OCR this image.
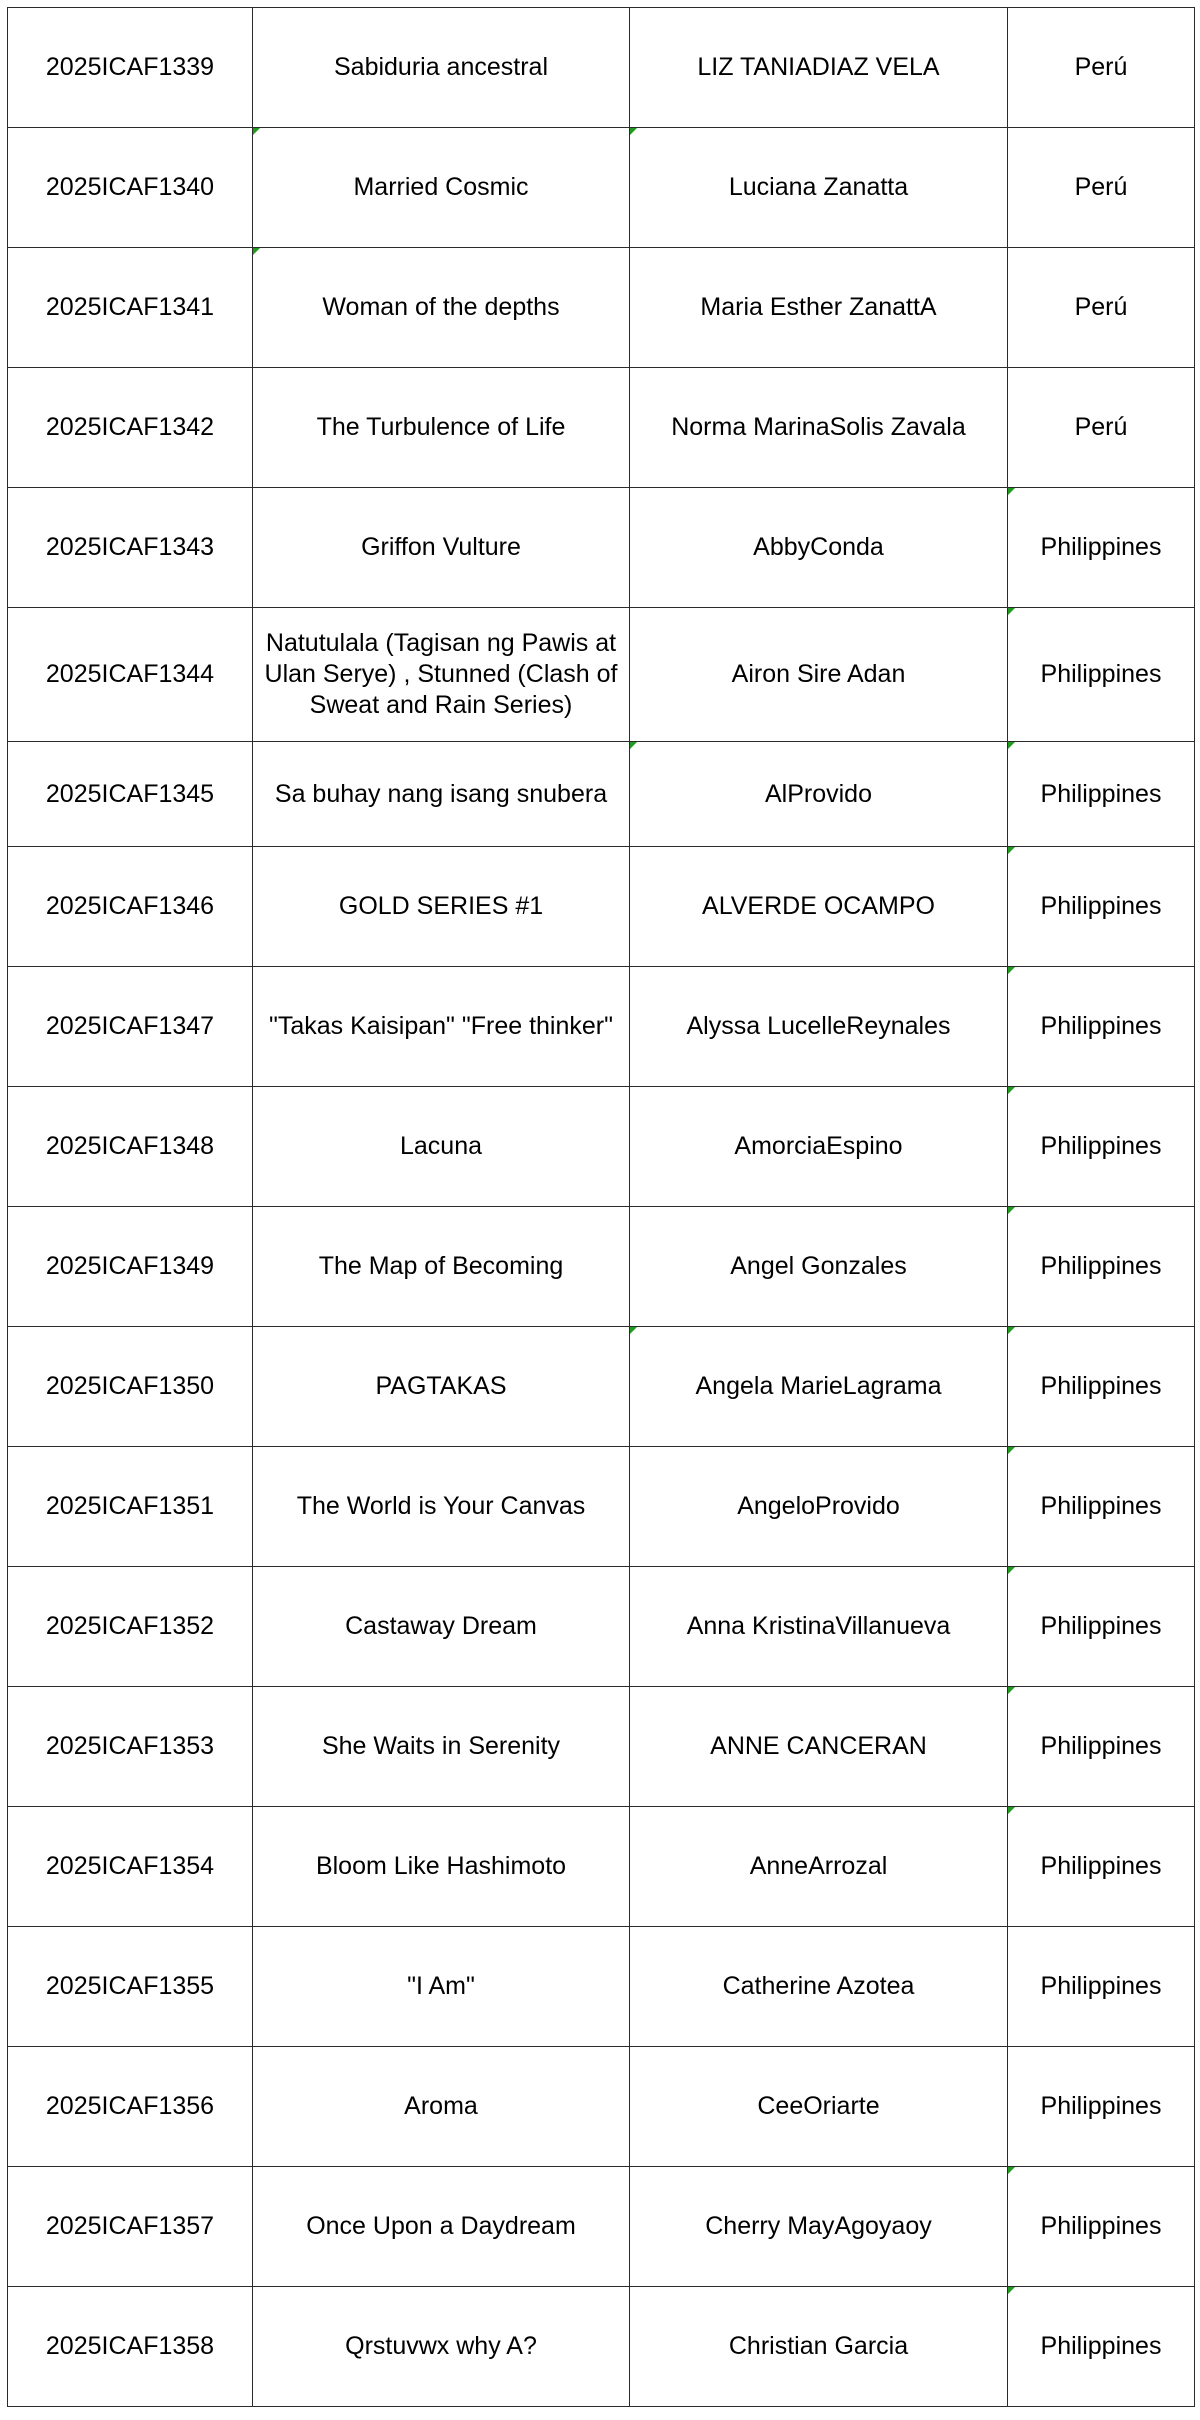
2025ICAF1339	Sabiduria ancestral	LIZ TANIADIAZ VELA	Perú
2025ICAF1340	Married Cosmic	Luciana Zanatta	Perú
2025ICAF1341	Woman of the depths	Maria Esther ZanattA	Perú
2025ICAF1342	The Turbulence of Life	Norma MarinaSolis Zavala	Perú
2025ICAF1343	Griffon Vulture	AbbyConda	Philippines
2025ICAF1344	Natutulala (Tagisan ng Pawis at Ulan Serye) , Stunned (Clash of Sweat and Rain Series)	Airon Sire Adan	Philippines
2025ICAF1345	Sa buhay nang isang snubera	AlProvido	Philippines
2025ICAF1346	GOLD SERIES #1	ALVERDE OCAMPO	Philippines
2025ICAF1347	"Takas Kaisipan" "Free thinker"	Alyssa LucelleReynales	Philippines
2025ICAF1348	Lacuna	AmorciaEspino	Philippines
2025ICAF1349	The Map of Becoming	Angel Gonzales	Philippines
2025ICAF1350	PAGTAKAS	Angela MarieLagrama	Philippines
2025ICAF1351	The World is Your Canvas	AngeloProvido	Philippines
2025ICAF1352	Castaway Dream	Anna KristinaVillanueva	Philippines
2025ICAF1353	She Waits in Serenity	ANNE CANCERAN	Philippines
2025ICAF1354	Bloom Like Hashimoto	AnneArrozal	Philippines
2025ICAF1355	"I Am"	Catherine Azotea	Philippines
2025ICAF1356	Aroma	CeeOriarte	Philippines
2025ICAF1357	Once Upon a Daydream	Cherry MayAgoyaoy	Philippines
2025ICAF1358	Qrstuvwx why A?	Christian Garcia	Philippines
